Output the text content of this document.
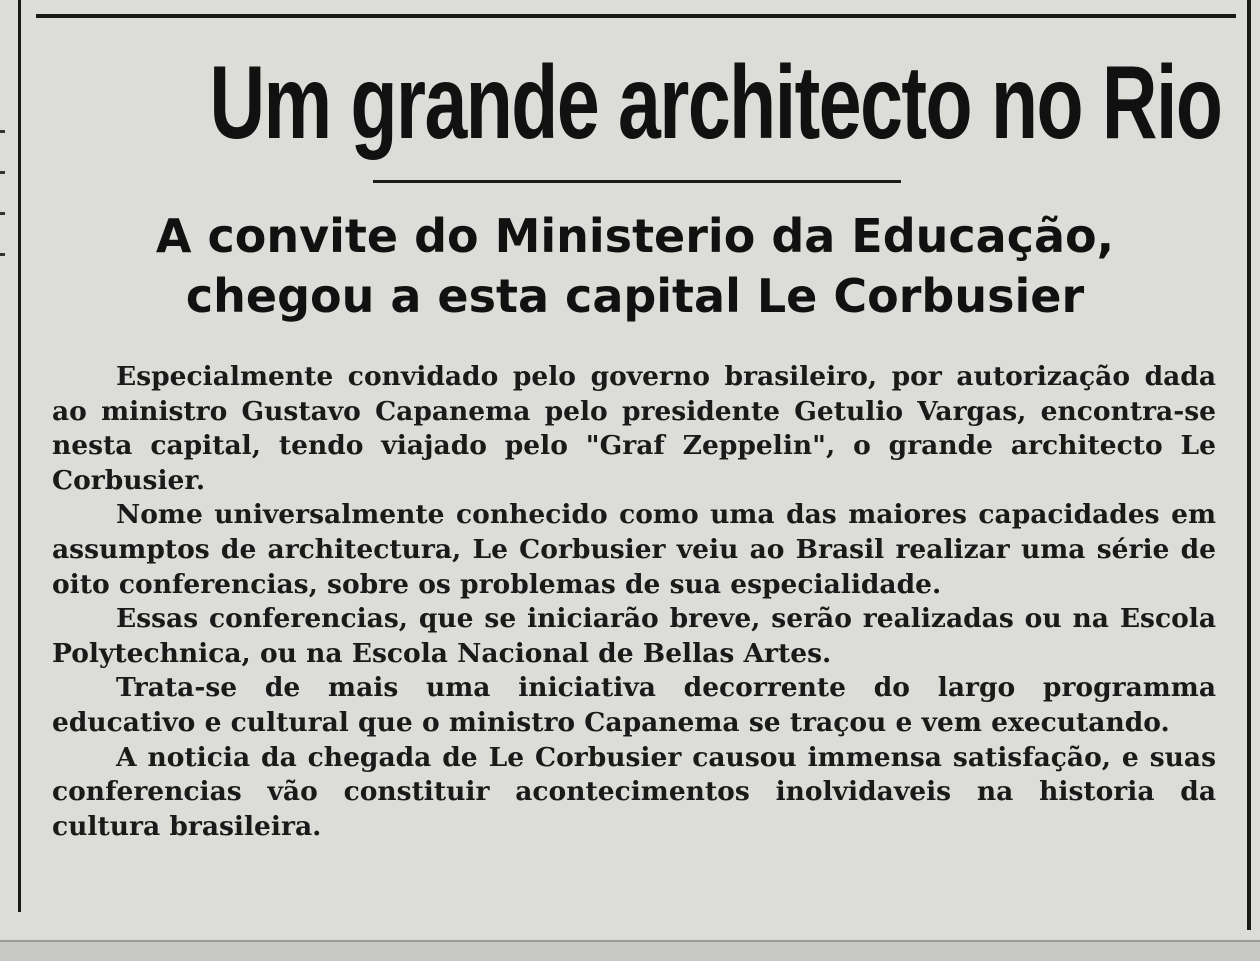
Um grande architecto no Rio
A convite do Ministerio da Educação, chegou a esta capital Le Corbusier

Especialmente convidado pelo governo brasileiro, por autorização dada ao ministro Gustavo Capanema pelo presidente Getulio Vargas, encontra-se nesta capital, tendo viajado pelo "Graf Zeppelin", o grande architecto Le Corbusier.

Nome universalmente conhecido como uma das maiores capacidades em assumptos de architectura, Le Corbusier veiu ao Brasil realizar uma série de oito conferencias, sobre os problemas de sua especialidade.

Essas conferencias, que se iniciarão breve, serão realizadas ou na Escola Polytechnica, ou na Escola Nacional de Bellas Artes.

Trata-se de mais uma iniciativa decorrente do largo programma educativo e cultural que o ministro Capanema se traçou e vem executando.

A noticia da chegada de Le Corbusier causou immensa satisfação, e suas conferencias vão constituir acontecimentos inolvidaveis na historia da cultura brasileira.
